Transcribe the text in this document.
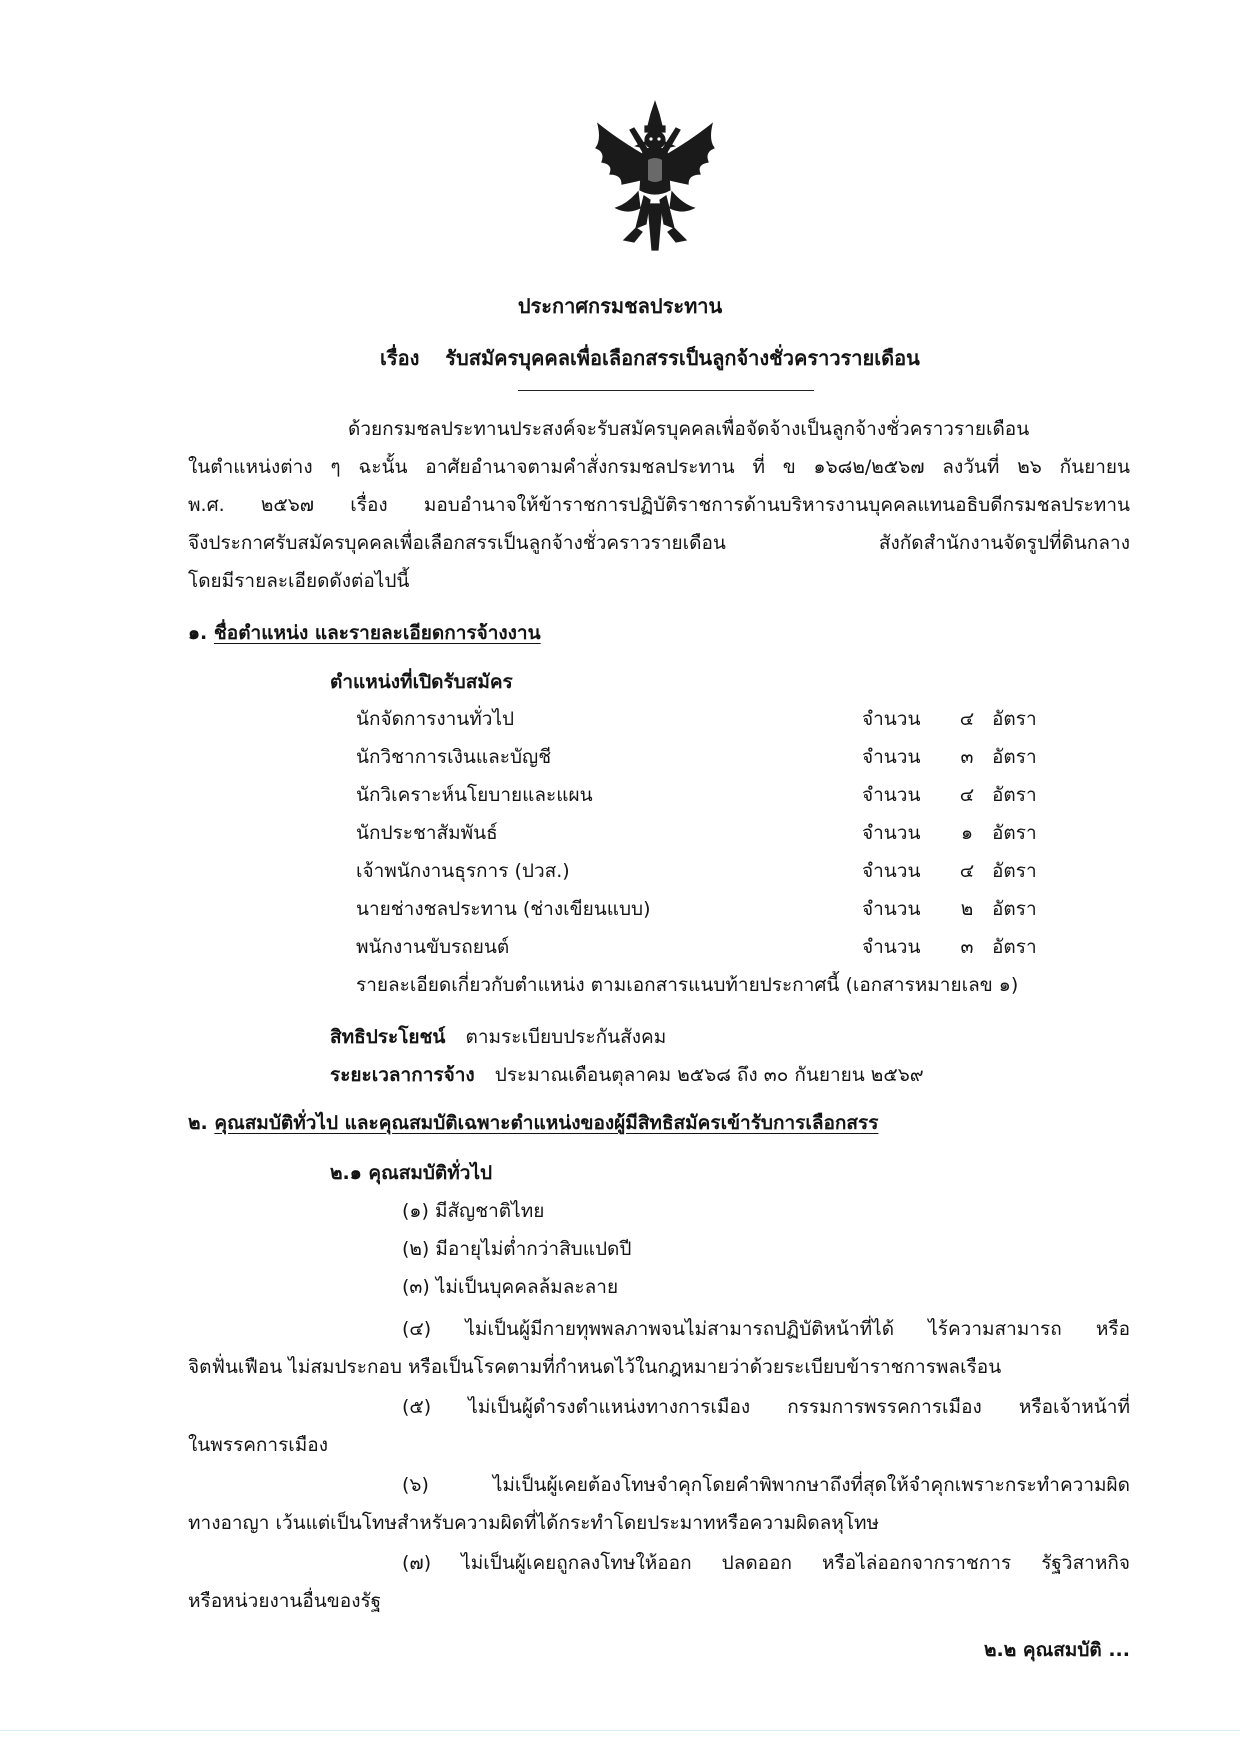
ประกาศกรมชลประทาน
เรื่อง รับสมัครบุคคลเพื่อเลือกสรรเป็นลูกจ้างชั่วคราวรายเดือน
ด้วยกรมชลประทานประสงค์จะรับสมัครบุคคลเพื่อจัดจ้างเป็นลูกจ้างชั่วคราวรายเดือน
ในตำแหน่งต่าง ๆ ฉะนั้น อาศัยอำนาจตามคำสั่งกรมชลประทาน ที่ ข ๑๖๘๒/๒๕๖๗ ลงวันที่ ๒๖ กันยายน
พ.ศ. ๒๕๖๗ เรื่อง มอบอำนาจให้ข้าราชการปฏิบัติราชการด้านบริหารงานบุคคลแทนอธิบดีกรมชลประทาน
จึงประกาศรับสมัครบุคคลเพื่อเลือกสรรเป็นลูกจ้างชั่วคราวรายเดือน สังกัดสำนักงานจัดรูปที่ดินกลาง
โดยมีรายละเอียดดังต่อไปนี้
๑. ชื่อตำแหน่ง และรายละเอียดการจ้างงาน
ตำแหน่งที่เปิดรับสมัคร
นักจัดการงานทั่วไป	จำนวน	๔ อัตรา
นักวิชาการเงินและบัญชี	จำนวน	๓ อัตรา
นักวิเคราะห์นโยบายและแผน	จำนวน	๔ อัตรา
นักประชาสัมพันธ์	จำนวน	๑ อัตรา
เจ้าพนักงานธุรการ (ปวส.)	จำนวน	๔ อัตรา
นายช่างชลประทาน (ช่างเขียนแบบ)	จำนวน	๒ อัตรา
พนักงานขับรถยนต์	จำนวน	๓ อัตรา
รายละเอียดเกี่ยวกับตำแหน่ง ตามเอกสารแนบท้ายประกาศนี้ (เอกสารหมายเลข ๑)
สิทธิประโยชน์ ตามระเบียบประกันสังคม
ระยะเวลาการจ้าง ประมาณเดือนตุลาคม ๒๕๖๘ ถึง ๓๐ กันยายน ๒๕๖๙
๒. คุณสมบัติทั่วไป และคุณสมบัติเฉพาะตำแหน่งของผู้มีสิทธิสมัครเข้ารับการเลือกสรร
๒.๑ คุณสมบัติทั่วไป
(๑) มีสัญชาติไทย
(๒) มีอายุไม่ต่ำกว่าสิบแปดปี
(๓) ไม่เป็นบุคคลล้มละลาย
(๔) ไม่เป็นผู้มีกายทุพพลภาพจนไม่สามารถปฏิบัติหน้าที่ได้ ไร้ความสามารถ หรือ
จิตฟั่นเฟือน ไม่สมประกอบ หรือเป็นโรคตามที่กำหนดไว้ในกฎหมายว่าด้วยระเบียบข้าราชการพลเรือน
(๕) ไม่เป็นผู้ดำรงตำแหน่งทางการเมือง กรรมการพรรคการเมือง หรือเจ้าหน้าที่
ในพรรคการเมือง
(๖)	ไม่เป็นผู้เคยต้องโทษจำคุกโดยคำพิพากษาถึงที่สุดให้จำคุกเพราะกระทำความผิด
ทางอาญา เว้นแต่เป็นโทษสำหรับความผิดที่ได้กระทำโดยประมาทหรือความผิดลหุโทษ
(๗) ไม่เป็นผู้เคยถูกลงโทษให้ออก ปลดออก หรือไล่ออกจากราชการ รัฐวิสาหกิจ
หรือหน่วยงานอื่นของรัฐ
๒.๒ คุณสมบัติ ...
